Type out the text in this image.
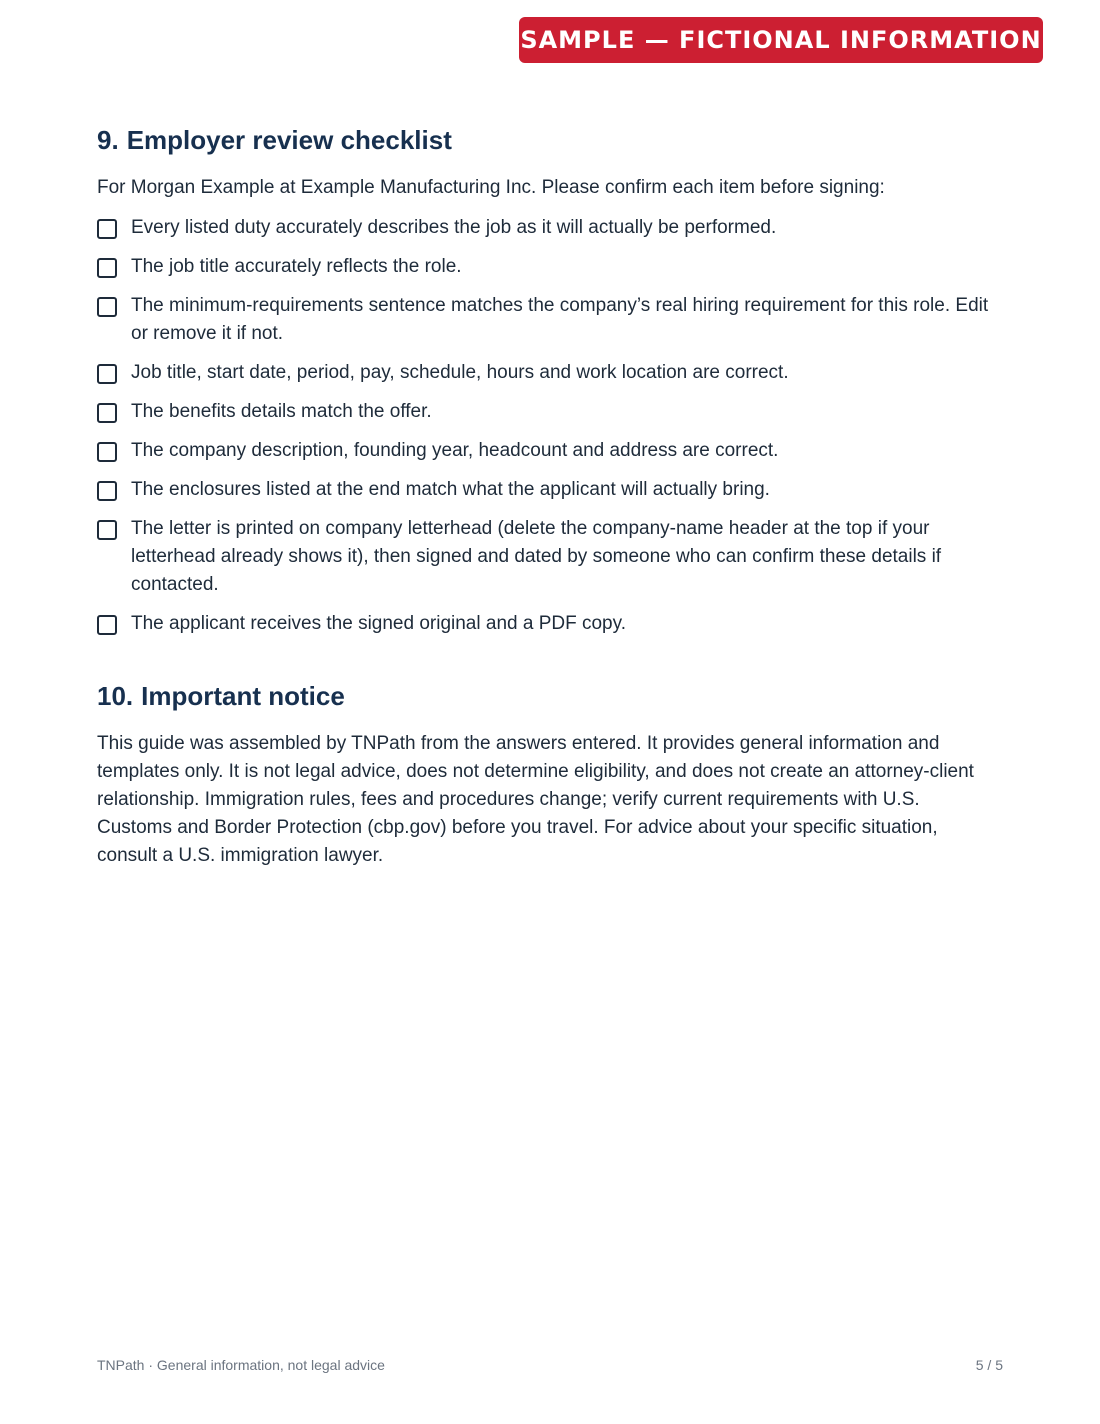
SAMPLE — FICTIONAL INFORMATION
9. Employer review checklist

For Morgan Example at Example Manufacturing Inc. Please confirm each item before signing:

Every listed duty accurately describes the job as it will actually be performed.
The job title accurately reflects the role.
The minimum-requirements sentence matches the company’s real hiring requirement for this role. Edit or remove it if not.
Job title, start date, period, pay, schedule, hours and work location are correct.
The benefits details match the offer.
The company description, founding year, headcount and address are correct.
The enclosures listed at the end match what the applicant will actually bring.
The letter is printed on company letterhead (delete the company-name header at the top if your letterhead already shows it), then signed and dated by someone who can confirm these details if contacted.
The applicant receives the signed original and a PDF copy.
10. Important notice

This guide was assembled by TNPath from the answers entered. It provides general information and templates only. It is not legal advice, does not determine eligibility, and does not create an attorney-client relationship. Immigration rules, fees and procedures change; verify current requirements with U.S. Customs and Border Protection (cbp.gov) before you travel. For advice about your specific situation, consult a U.S. immigration lawyer.

TNPath · General information, not legal advice	5 / 5
